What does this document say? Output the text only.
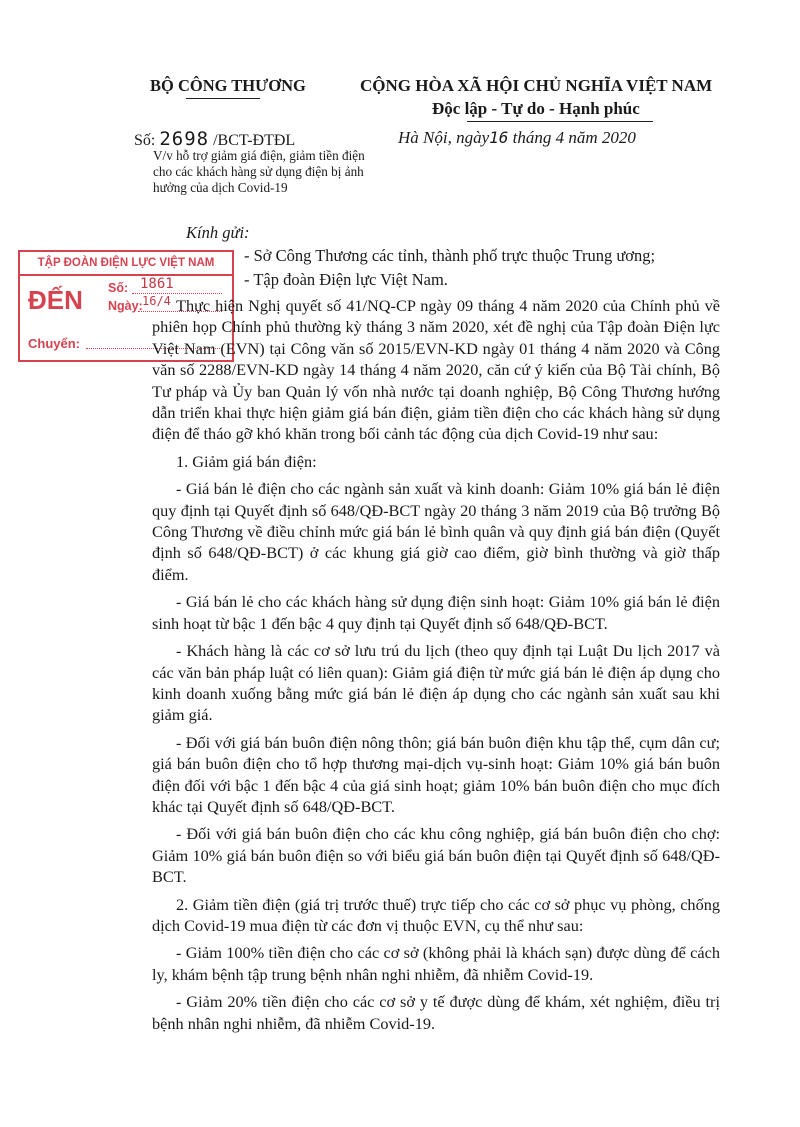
BỘ CÔNG THƯƠNG	CỘNG HÒA XÃ HỘI CHỦ NGHĨA VIỆT NAM
Độc lập - Tự do - Hạnh phúc
Số: 2698 /BCT-ĐTĐL	Hà Nội, ngày16 tháng 4 năm 2020
V/v hỗ trợ giảm giá điện, giảm tiền điện cho các khách hàng sử dụng điện bị ảnh hưởng của dịch Covid-19
Kính gửi:
- Sở Công Thương các tỉnh, thành phố trực thuộc Trung ương;
- Tập đoàn Điện lực Việt Nam.
TẬP ĐOÀN ĐIỆN LỰC VIỆT NAM
ĐẾN Số: 1861
Ngày: 16/4
Chuyển:

Thực hiện Nghị quyết số 41/NQ-CP ngày 09 tháng 4 năm 2020 của Chính phủ về phiên họp Chính phủ thường kỳ tháng 3 năm 2020, xét đề nghị của Tập đoàn Điện lực Việt Nam (EVN) tại Công văn số 2015/EVN-KD ngày 01 tháng 4 năm 2020 và Công văn số 2288/EVN-KD ngày 14 tháng 4 năm 2020, căn cứ ý kiến của Bộ Tài chính, Bộ Tư pháp và Ủy ban Quản lý vốn nhà nước tại doanh nghiệp, Bộ Công Thương hướng dẫn triển khai thực hiện giảm giá bán điện, giảm tiền điện cho các khách hàng sử dụng điện để tháo gỡ khó khăn trong bối cảnh tác động của dịch Covid-19 như sau:

1. Giảm giá bán điện:

- Giá bán lẻ điện cho các ngành sản xuất và kinh doanh: Giảm 10% giá bán lẻ điện quy định tại Quyết định số 648/QĐ-BCT ngày 20 tháng 3 năm 2019 của Bộ trưởng Bộ Công Thương về điều chỉnh mức giá bán lẻ bình quân và quy định giá bán điện (Quyết định số 648/QĐ-BCT) ở các khung giá giờ cao điểm, giờ bình thường và giờ thấp điểm.

- Giá bán lẻ cho các khách hàng sử dụng điện sinh hoạt: Giảm 10% giá bán lẻ điện sinh hoạt từ bậc 1 đến bậc 4 quy định tại Quyết định số 648/QĐ-BCT.

- Khách hàng là các cơ sở lưu trú du lịch (theo quy định tại Luật Du lịch 2017 và các văn bản pháp luật có liên quan): Giảm giá điện từ mức giá bán lẻ điện áp dụng cho kinh doanh xuống bằng mức giá bán lẻ điện áp dụng cho các ngành sản xuất sau khi giảm giá.

- Đối với giá bán buôn điện nông thôn; giá bán buôn điện khu tập thể, cụm dân cư; giá bán buôn điện cho tổ hợp thương mại-dịch vụ-sinh hoạt: Giảm 10% giá bán buôn điện đối với bậc 1 đến bậc 4 của giá sinh hoạt; giảm 10% bán buôn điện cho mục đích khác tại Quyết định số 648/QĐ-BCT.

- Đối với giá bán buôn điện cho các khu công nghiệp, giá bán buôn điện cho chợ: Giảm 10% giá bán buôn điện so với biểu giá bán buôn điện tại Quyết định số 648/QĐ-BCT.

2. Giảm tiền điện (giá trị trước thuế) trực tiếp cho các cơ sở phục vụ phòng, chống dịch Covid-19 mua điện từ các đơn vị thuộc EVN, cụ thể như sau:

- Giảm 100% tiền điện cho các cơ sở (không phải là khách sạn) được dùng để cách ly, khám bệnh tập trung bệnh nhân nghi nhiễm, đã nhiễm Covid-19.

- Giảm 20% tiền điện cho các cơ sở y tế được dùng để khám, xét nghiệm, điều trị bệnh nhân nghi nhiễm, đã nhiễm Covid-19.
